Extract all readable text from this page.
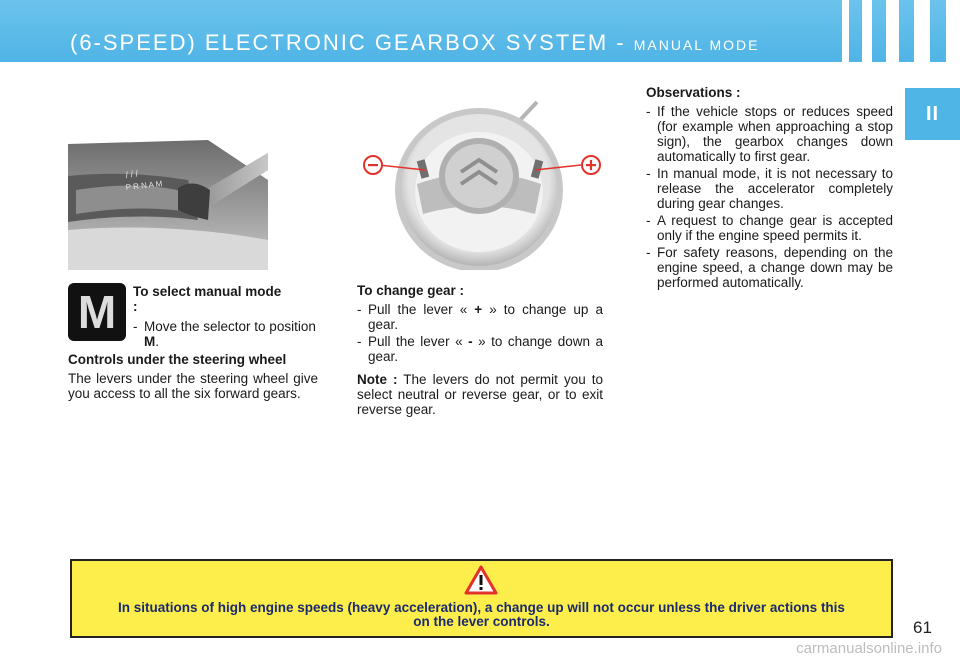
(6-SPEED) ELECTRONIC GEARBOX SYSTEM - MANUAL MODE
II
/ / /
P R N A M
M	To select manual mode :

- Move the selector to position M.

Controls under the steering wheel

The levers under the steering wheel give you access to all the six forward gears.

To change gear :

- Pull the lever « + » to change up a gear.
- Pull the lever « - » to change down a gear.

Note : The levers do not permit you to select neutral or reverse gear, or to exit reverse gear.

Observations :

- If the vehicle stops or reduces speed (for example when approaching a stop sign), the gearbox changes down automatically to first gear.
- In manual mode, it is not necessary to release the accelerator completely during gear changes.
- A request to change gear is accepted only if the engine speed permits it.
- For safety reasons, depending on the engine speed, a change down may be performed automatically.
In situations of high engine speeds (heavy acceleration), a change up will not occur unless the driver actions this on the lever controls.	61
carmanualsonline.info
